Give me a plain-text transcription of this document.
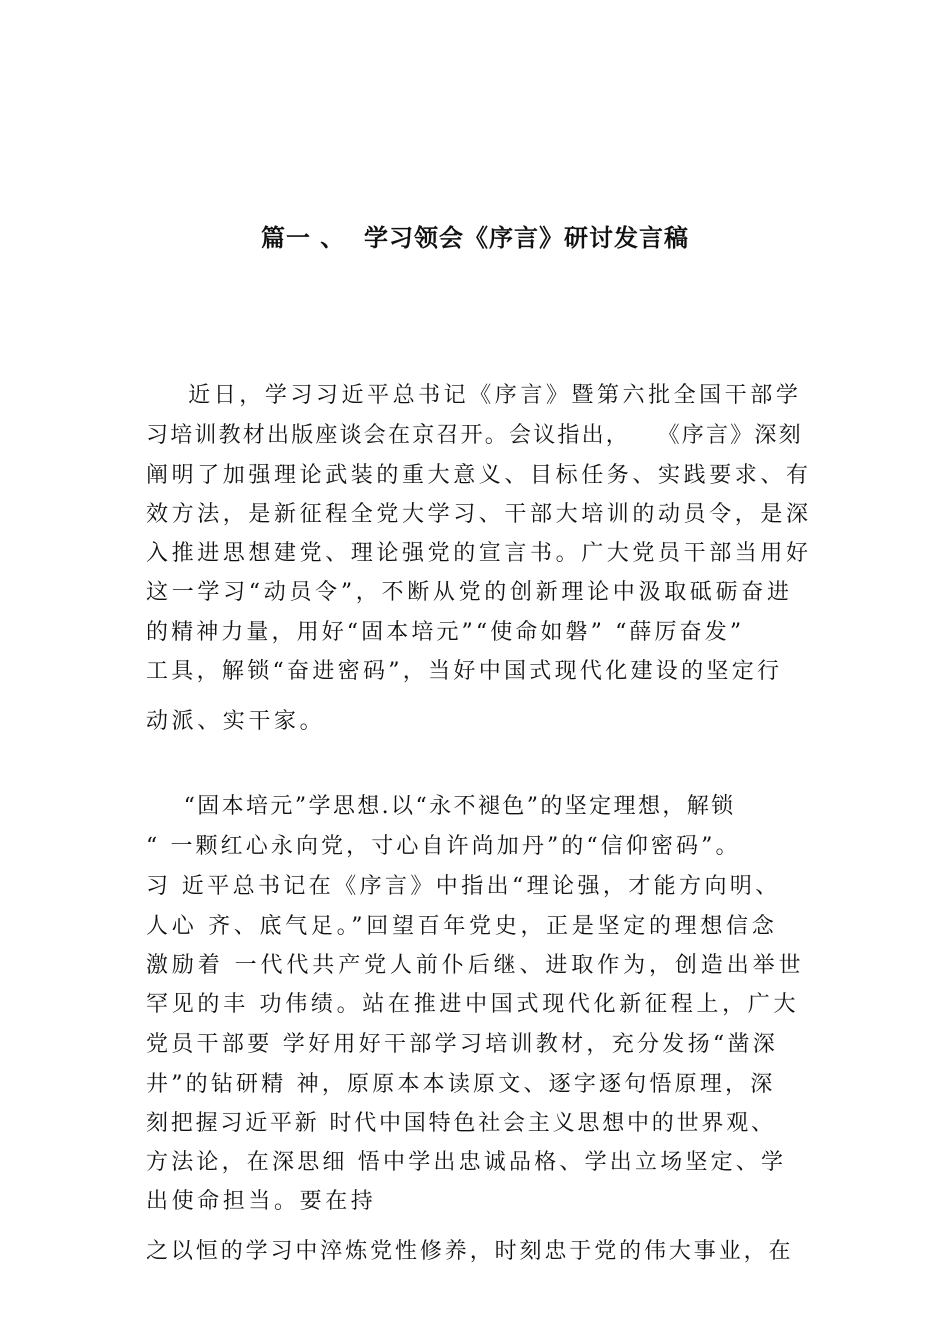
篇一 、  学习领会《序言》研讨发言稿
近日，学习习近平总书记《序言》暨第六批全国干部学
习培训教材出版座谈会在京召开。会议指出，   《序言》深刻
阐明了加强理论武装的重大意义、目标任务、实践要求、有
效方法，是新征程全党大学习、干部大培训的动员令，是深
入推进思想建党、理论强党的宣言书。广大党员干部当用好
这一学习“动员令”，不断从党的创新理论中汲取砥砺奋进
的精神力量，用好“固本培元”“使命如磐” “薛厉奋发”
工具，解锁“奋进密码”，当好中国式现代化建设的坚定行
动派、实干家。
“固本培元”学思想.以“永不褪色”的坚定理想，解锁
“ 一颗红心永向党，寸心自许尚加丹”的“信仰密码”。
习 近平总书记在《序言》中指出“理论强，才能方向明、
人心 齐、底气足。”回望百年党史，正是坚定的理想信念
激励着 一代代共产党人前仆后继、进取作为，创造出举世
罕见的丰 功伟绩。站在推进中国式现代化新征程上，广大
党员干部要 学好用好干部学习培训教材，充分发扬“凿深
井”的钻研精 神，原原本本读原文、逐字逐句悟原理，深
刻把握习近平新 时代中国特色社会主义思想中的世界观、
方法论，在深思细 悟中学出忠诚品格、学出立场坚定、学
出使命担当。要在持
之以恒的学习中淬炼党性修养，时刻忠于党的伟大事业，在
